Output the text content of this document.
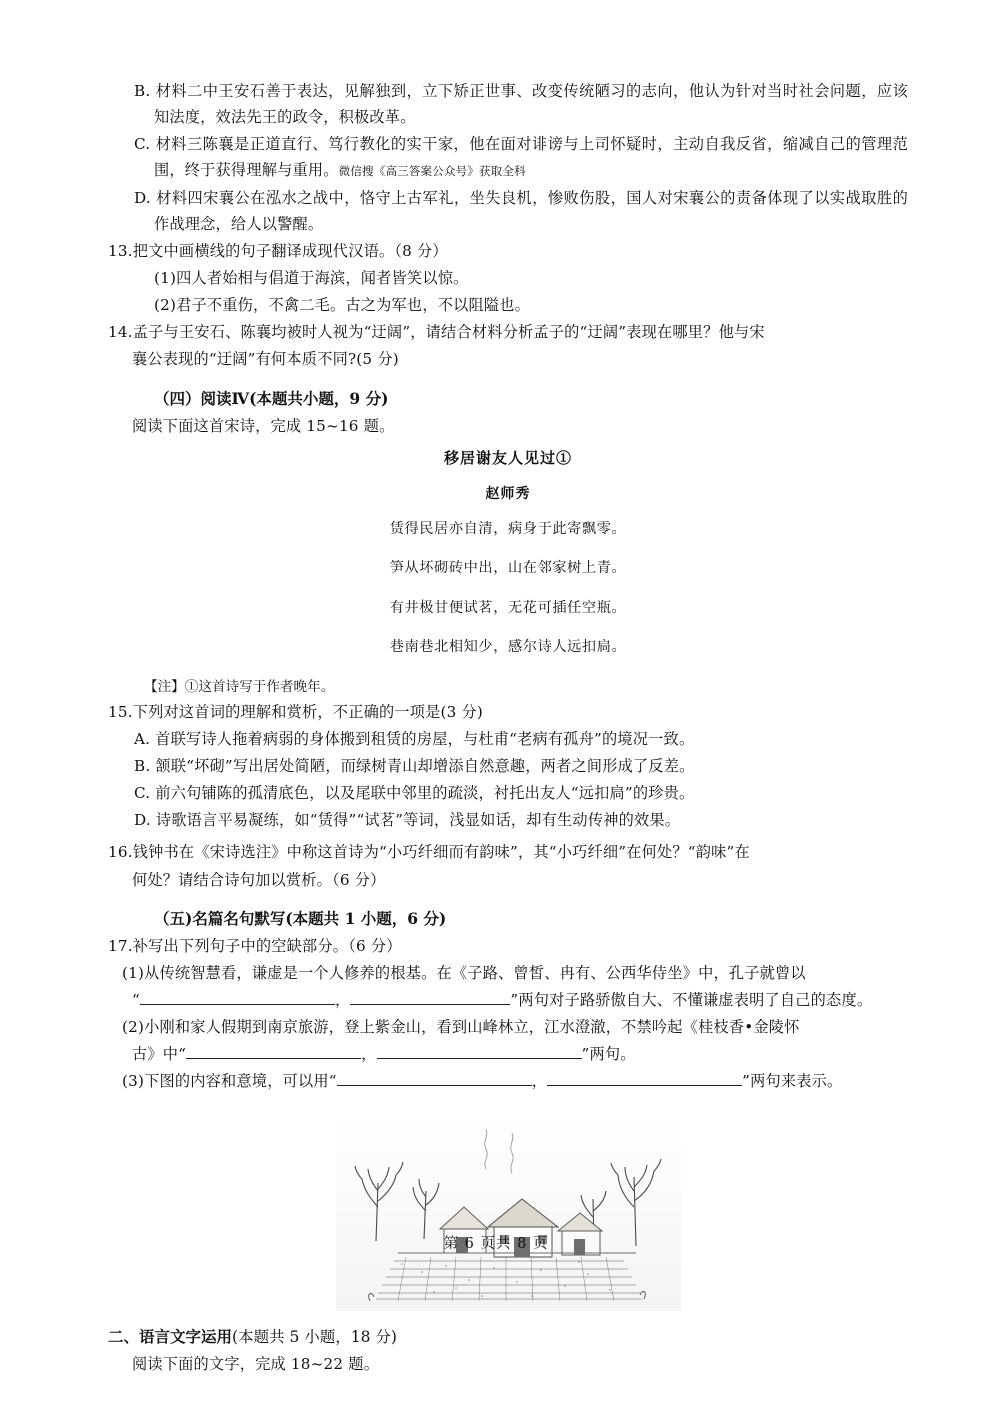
B. 材料二中王安石善于表达，见解独到，立下矫正世事、改变传统陋习的志向，他认为针对当时社会问题，应该知法度，效法先王的政令，积极改革。

C. 材料三陈襄是正道直行、笃行教化的实干家，他在面对诽谤与上司怀疑时，主动自我反省，缩减自己的管理范围，终于获得理解与重用。微信搜《高三答案公众号》获取全科

D. 材料四宋襄公在泓水之战中，恪守上古军礼，坐失良机，惨败伤股，国人对宋襄公的责备体现了以实战取胜的作战理念，给人以警醒。

13.把文中画横线的句子翻译成现代汉语。（8 分）

(1)四人者始相与倡道于海滨，闻者皆笑以惊。

(2)君子不重伤，不禽二毛。古之为军也，不以阻隘也。

14.孟子与王安石、陈襄均被时人视为“迂阔”，请结合材料分析孟子的“迂阔”表现在哪里？他与宋

襄公表现的“迂阔”有何本质不同?(5 分)

（四）阅读Ⅳ(本题共小题，9 分)

阅读下面这首宋诗，完成 15~16 题。

移居谢友人见过①

赵师秀

赁得民居亦自清，病身于此寄飘零。

笋从坏砌砖中出，山在邻家树上青。

有井极甘便试茗，无花可插任空瓶。

巷南巷北相知少，感尔诗人远扣扃。

【注】①这首诗写于作者晚年。

15.下列对这首词的理解和赏析，不正确的一项是(3 分)

A. 首联写诗人拖着病弱的身体搬到租赁的房屋，与杜甫“老病有孤舟”的境况一致。

B. 颔联“坏砌”写出居处简陋，而绿树青山却增添自然意趣，两者之间形成了反差。

C. 前六句铺陈的孤清底色，以及尾联中邻里的疏淡，衬托出友人“远扣扃”的珍贵。

D. 诗歌语言平易凝练，如“赁得”“试茗”等词，浅显如话，却有生动传神的效果。

16.钱钟书在《宋诗选注》中称这首诗为“小巧纤细而有韵味”，其“小巧纤细”在何处？“韵味”在

何处？请结合诗句加以赏析。（6 分）

（五)名篇名句默写(本题共 1 小题，6 分)

17.补写出下列句子中的空缺部分。（6 分）

(1)从传统智慧看，谦虚是一个人修养的根基。在《子路、曾皙、冉有、公西华侍坐》中，孔子就曾以

“	，	”两句对子路骄傲自大、不懂谦虚表明了自己的态度。

(2)小刚和家人假期到南京旅游，登上紫金山，看到山峰林立，江水澄澈，不禁吟起《桂枝香•金陵怀

古》中“	，	”两句。

(3)下图的内容和意境，可以用“	，	”两句来表示。

二、语言文字运用(本题共 5 小题，18 分)

阅读下面的文字，完成 18~22 题。

第 6 页共 8 页
